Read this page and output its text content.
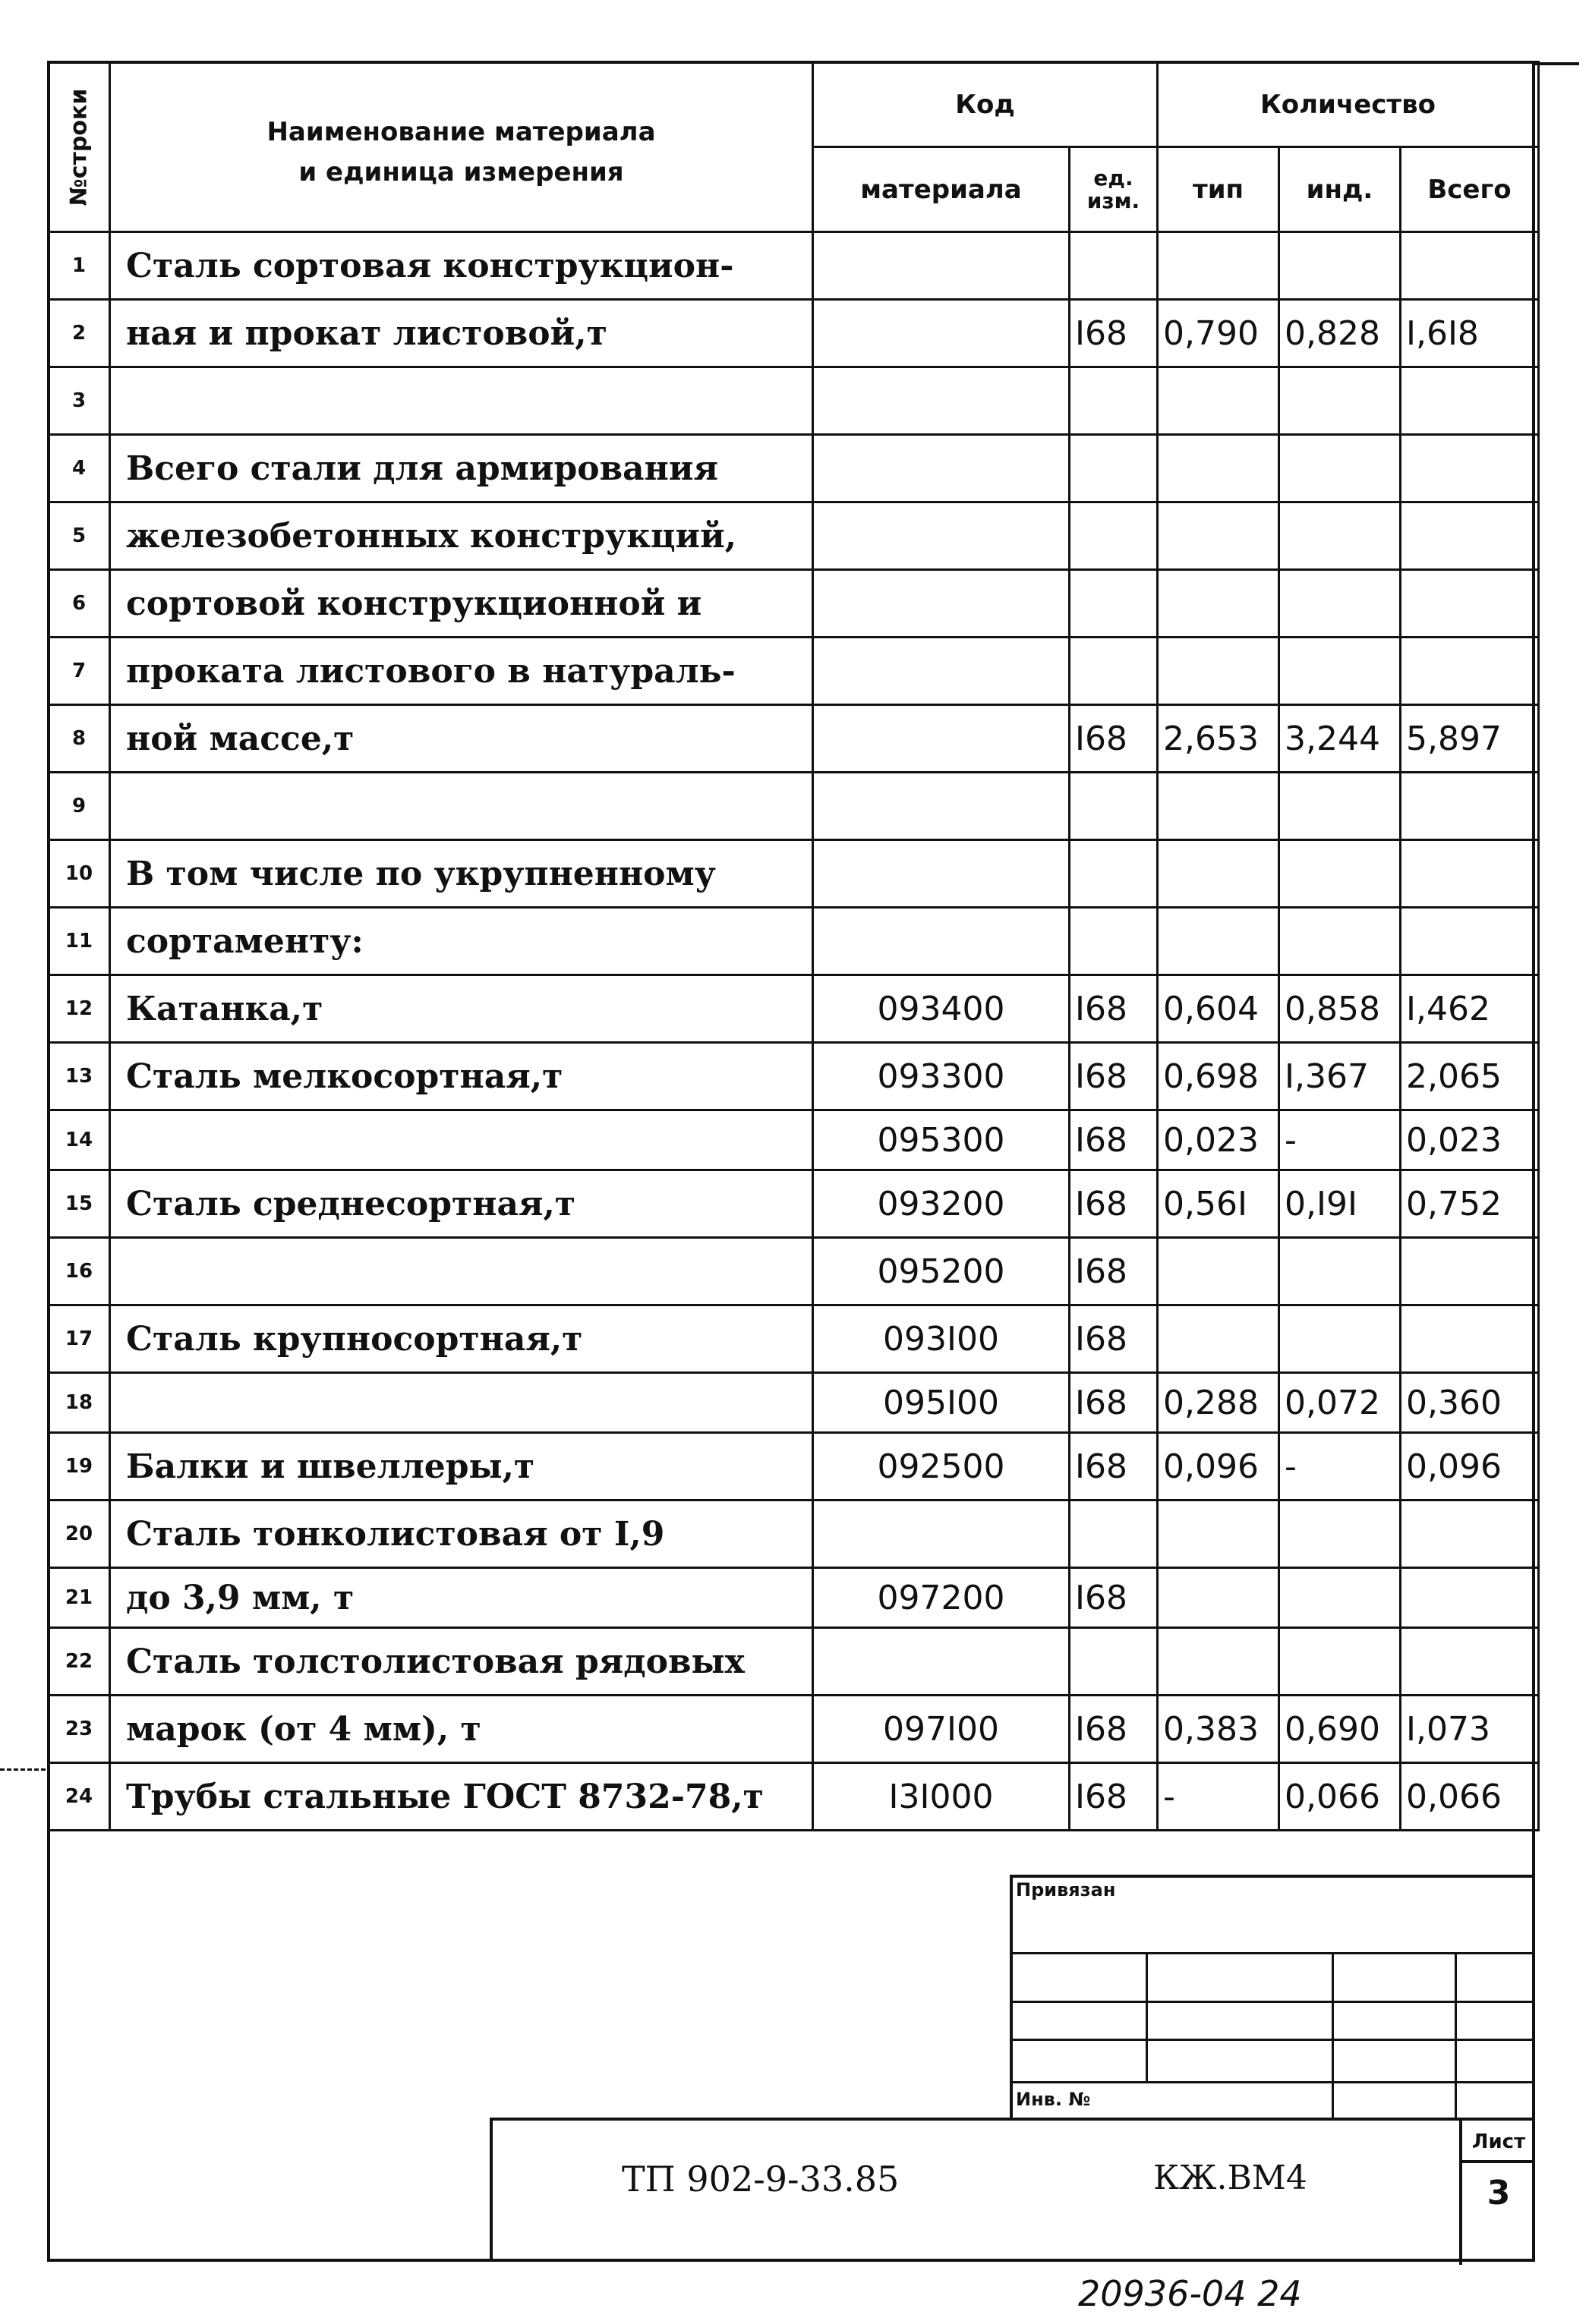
№строки	Наименование материала
и единица измерения	Код		Количество		
		материала	ед. изм.	тип	инд.	Всего
1	Сталь сортовая конструкцион-					
2	ная и прокат листовой,т		I68	0,790	0,828	I,6I8
3						
4	Всего стали для армирования					
5	железобетонных конструкций,					
6	сортовой конструкционной и					
7	проката листового в натураль-					
8	ной массе,т		I68	2,653	3,244	5,897
9						
10	В том числе по укрупненному					
11	сортаменту:					
12	Катанка,т	093400	I68	0,604	0,858	I,462
13	Сталь мелкосортная,т	093300	I68	0,698	I,367	2,065
14		095300	I68	0,023	-	0,023
15	Сталь среднесортная,т	093200	I68	0,56I	0,I9I	0,752
16		095200	I68			
17	Сталь крупносортная,т	093I00	I68			
18		095I00	I68	0,288	0,072	0,360
19	Балки и швеллеры,т	092500	I68	0,096	-	0,096
20	Сталь тонколистовая от I,9					
21	до 3,9 мм, т	097200	I68			
22	Сталь толстолистовая рядовых					
23	марок (от 4 мм), т	097I00	I68	0,383	0,690	I,073
24	Трубы стальные ГОСТ 8732-78,т	I3I000	I68	-	0,066	0,066
Привязан
Инв. №
ТП 902-9-33.85	КЖ.ВМ4
Лист
3
20936-04 24
